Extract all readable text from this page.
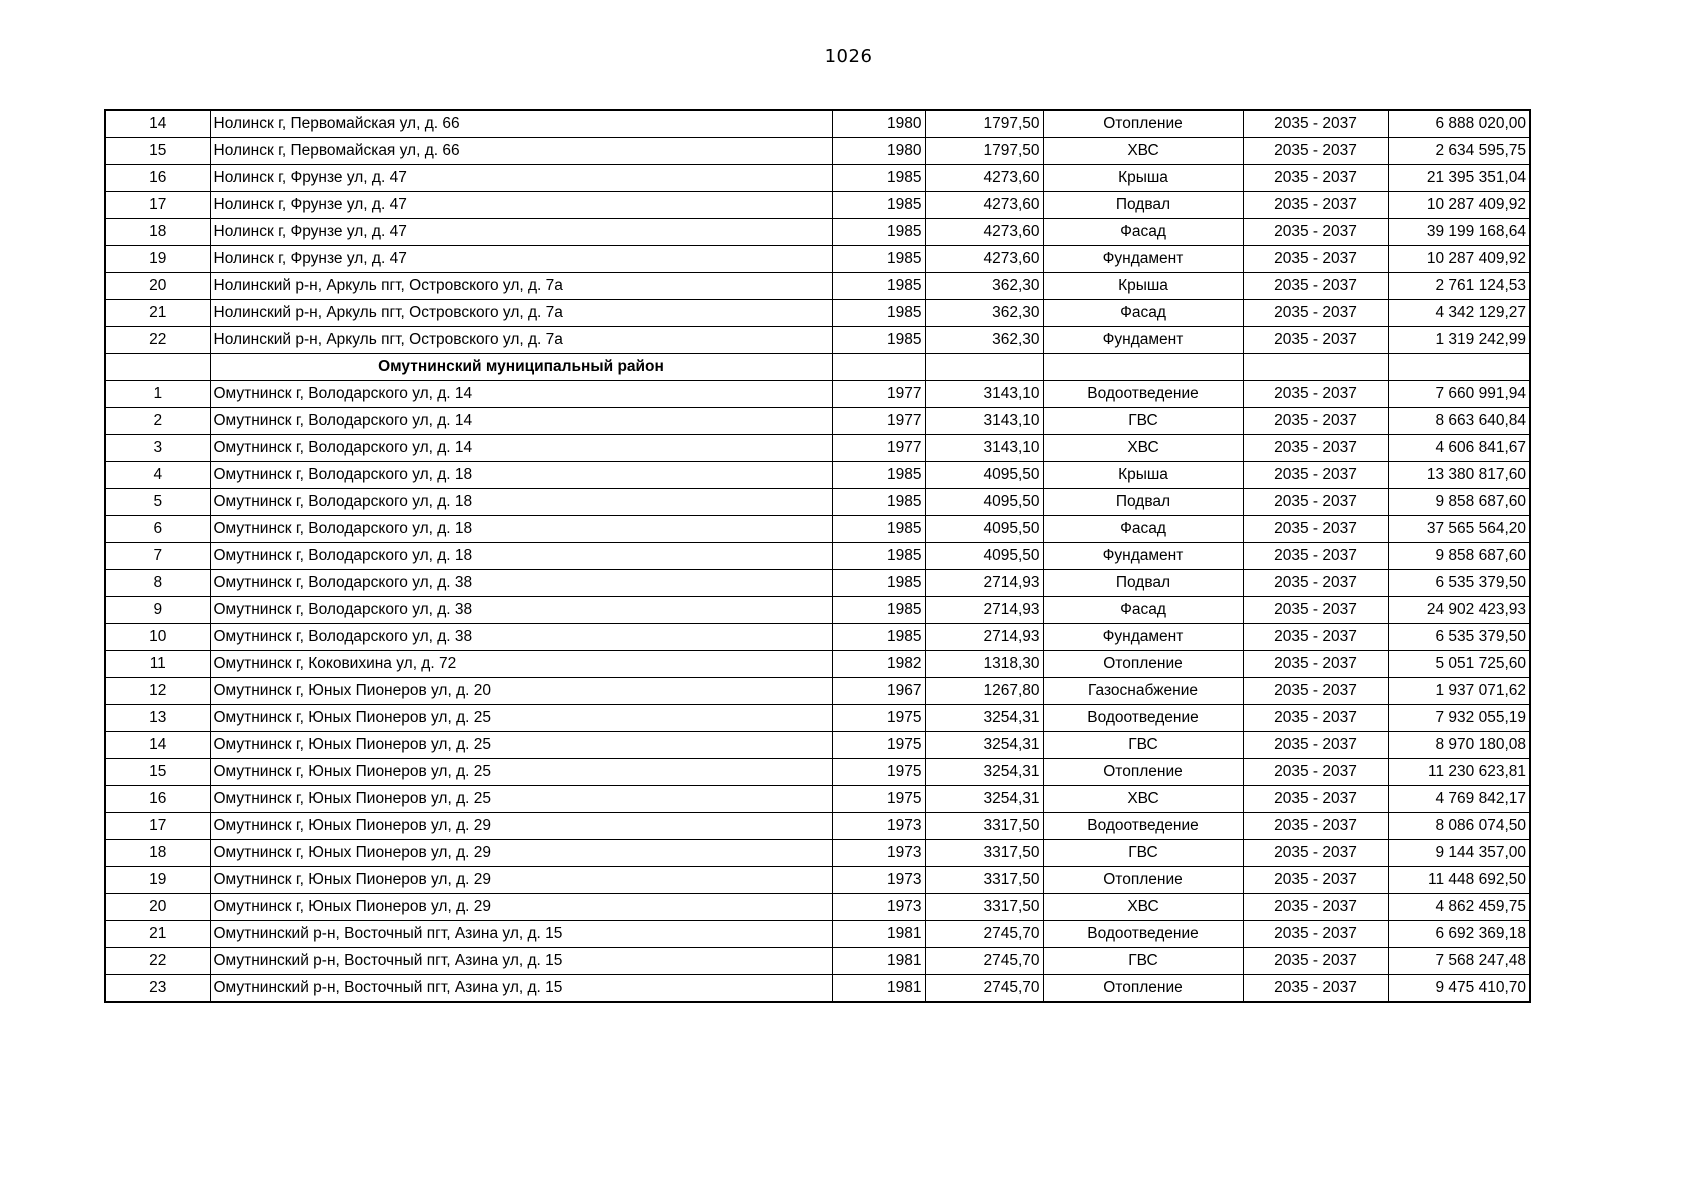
1026
14	Нолинск г, Первомайская ул, д. 66	1980	1797,50	Отопление	2035 - 2037	6 888 020,00
15	Нолинск г, Первомайская ул, д. 66	1980	1797,50	ХВС	2035 - 2037	2 634 595,75
16	Нолинск г, Фрунзе ул, д. 47	1985	4273,60	Крыша	2035 - 2037	21 395 351,04
17	Нолинск г, Фрунзе ул, д. 47	1985	4273,60	Подвал	2035 - 2037	10 287 409,92
18	Нолинск г, Фрунзе ул, д. 47	1985	4273,60	Фасад	2035 - 2037	39 199 168,64
19	Нолинск г, Фрунзе ул, д. 47	1985	4273,60	Фундамент	2035 - 2037	10 287 409,92
20	Нолинский р-н, Аркуль пгт, Островского ул, д. 7а	1985	362,30	Крыша	2035 - 2037	2 761 124,53
21	Нолинский р-н, Аркуль пгт, Островского ул, д. 7а	1985	362,30	Фасад	2035 - 2037	4 342 129,27
22	Нолинский р-н, Аркуль пгт, Островского ул, д. 7а	1985	362,30	Фундамент	2035 - 2037	1 319 242,99
	Омутнинский муниципальный район					
1	Омутнинск г, Володарского ул, д. 14	1977	3143,10	Водоотведение	2035 - 2037	7 660 991,94
2	Омутнинск г, Володарского ул, д. 14	1977	3143,10	ГВС	2035 - 2037	8 663 640,84
3	Омутнинск г, Володарского ул, д. 14	1977	3143,10	ХВС	2035 - 2037	4 606 841,67
4	Омутнинск г, Володарского ул, д. 18	1985	4095,50	Крыша	2035 - 2037	13 380 817,60
5	Омутнинск г, Володарского ул, д. 18	1985	4095,50	Подвал	2035 - 2037	9 858 687,60
6	Омутнинск г, Володарского ул, д. 18	1985	4095,50	Фасад	2035 - 2037	37 565 564,20
7	Омутнинск г, Володарского ул, д. 18	1985	4095,50	Фундамент	2035 - 2037	9 858 687,60
8	Омутнинск г, Володарского ул, д. 38	1985	2714,93	Подвал	2035 - 2037	6 535 379,50
9	Омутнинск г, Володарского ул, д. 38	1985	2714,93	Фасад	2035 - 2037	24 902 423,93
10	Омутнинск г, Володарского ул, д. 38	1985	2714,93	Фундамент	2035 - 2037	6 535 379,50
11	Омутнинск г, Коковихина ул, д. 72	1982	1318,30	Отопление	2035 - 2037	5 051 725,60
12	Омутнинск г, Юных Пионеров ул, д. 20	1967	1267,80	Газоснабжение	2035 - 2037	1 937 071,62
13	Омутнинск г, Юных Пионеров ул, д. 25	1975	3254,31	Водоотведение	2035 - 2037	7 932 055,19
14	Омутнинск г, Юных Пионеров ул, д. 25	1975	3254,31	ГВС	2035 - 2037	8 970 180,08
15	Омутнинск г, Юных Пионеров ул, д. 25	1975	3254,31	Отопление	2035 - 2037	11 230 623,81
16	Омутнинск г, Юных Пионеров ул, д. 25	1975	3254,31	ХВС	2035 - 2037	4 769 842,17
17	Омутнинск г, Юных Пионеров ул, д. 29	1973	3317,50	Водоотведение	2035 - 2037	8 086 074,50
18	Омутнинск г, Юных Пионеров ул, д. 29	1973	3317,50	ГВС	2035 - 2037	9 144 357,00
19	Омутнинск г, Юных Пионеров ул, д. 29	1973	3317,50	Отопление	2035 - 2037	11 448 692,50
20	Омутнинск г, Юных Пионеров ул, д. 29	1973	3317,50	ХВС	2035 - 2037	4 862 459,75
21	Омутнинский р-н, Восточный пгт, Азина ул, д. 15	1981	2745,70	Водоотведение	2035 - 2037	6 692 369,18
22	Омутнинский р-н, Восточный пгт, Азина ул, д. 15	1981	2745,70	ГВС	2035 - 2037	7 568 247,48
23	Омутнинский р-н, Восточный пгт, Азина ул, д. 15	1981	2745,70	Отопление	2035 - 2037	9 475 410,70
